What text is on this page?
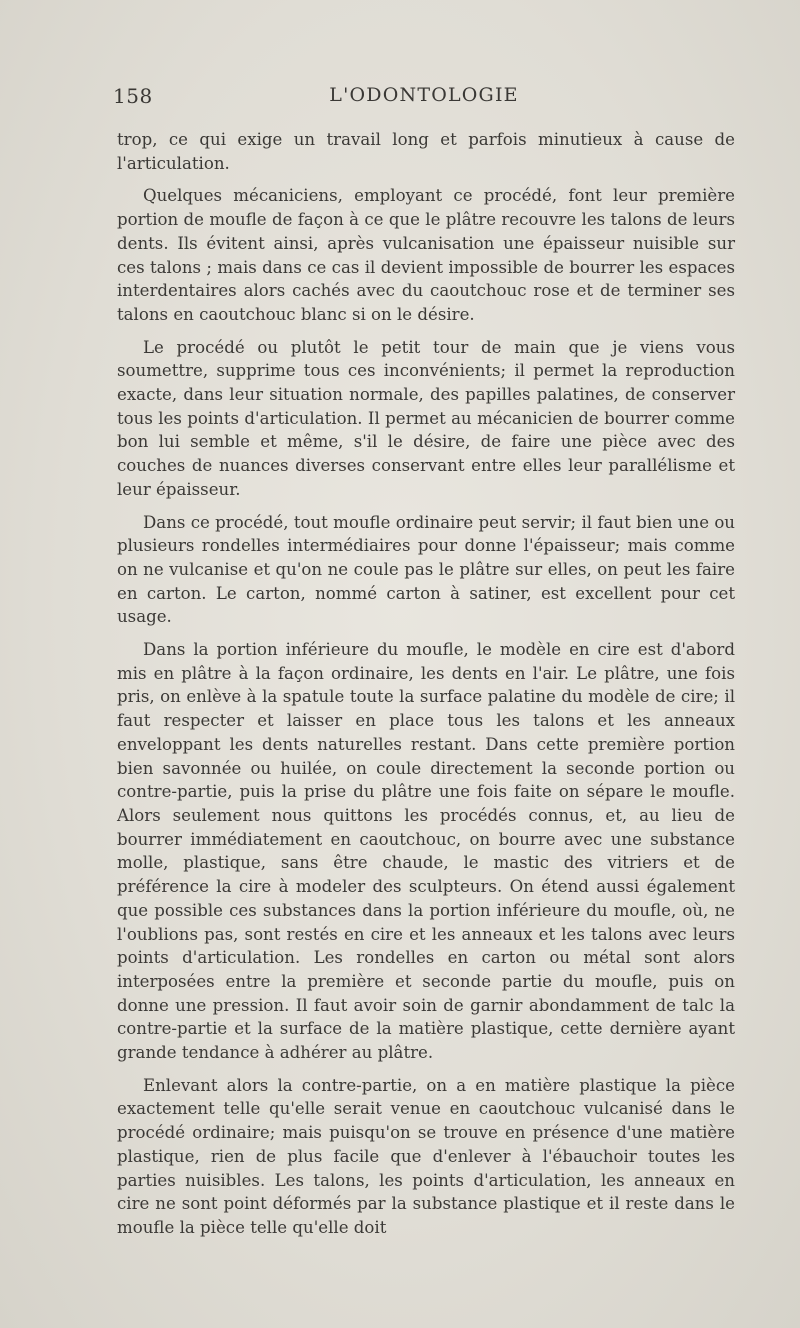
158	L'ODONTOLOGIE

trop, ce qui exige un travail long et parfois minutieux à cause de l'articulation.

Quelques mécaniciens, employant ce procédé, font leur première portion de moufle de façon à ce que le plâtre recouvre les talons de leurs dents. Ils évitent ainsi, après vulcanisation une épaisseur nuisible sur ces talons ; mais dans ce cas il devient impossible de bourrer les espaces interdentaires alors cachés avec du caoutchouc rose et de terminer ses talons en caoutchouc blanc si on le désire.

Le procédé ou plutôt le petit tour de main que je viens vous soumettre, supprime tous ces inconvénients; il permet la reproduction exacte, dans leur situation normale, des papilles palatines, de conserver tous les points d'articulation. Il permet au mécanicien de bourrer comme bon lui semble et même, s'il le désire, de faire une pièce avec des couches de nuances diverses conservant entre elles leur parallélisme et leur épaisseur.

Dans ce procédé, tout moufle ordinaire peut servir; il faut bien une ou plusieurs rondelles intermédiaires pour donne l'épaisseur; mais comme on ne vulcanise et qu'on ne coule pas le plâtre sur elles, on peut les faire en carton. Le carton, nommé carton à satiner, est excellent pour cet usage.

Dans la portion inférieure du moufle, le modèle en cire est d'abord mis en plâtre à la façon ordinaire, les dents en l'air. Le plâtre, une fois pris, on enlève à la spatule toute la surface palatine du modèle de cire; il faut respecter et laisser en place tous les talons et les anneaux enveloppant les dents naturelles restant. Dans cette première portion bien savonnée ou huilée, on coule directement la seconde portion ou contre-partie, puis la prise du plâtre une fois faite on sépare le moufle. Alors seulement nous quittons les procédés connus, et, au lieu de bourrer immédiatement en caoutchouc, on bourre avec une substance molle, plastique, sans être chaude, le mastic des vitriers et de préférence la cire à modeler des sculpteurs. On étend aussi également que possible ces substances dans la portion inférieure du moufle, où, ne l'oublions pas, sont restés en cire et les anneaux et les talons avec leurs points d'articulation. Les rondelles en carton ou métal sont alors interposées entre la première et seconde partie du moufle, puis on donne une pression. Il faut avoir soin de garnir abondamment de talc la contre-partie et la surface de la matière plastique, cette dernière ayant grande tendance à adhérer au plâtre.

Enlevant alors la contre-partie, on a en matière plastique la pièce exactement telle qu'elle serait venue en caoutchouc vulcanisé dans le procédé ordinaire; mais puisqu'on se trouve en présence d'une matière plastique, rien de plus facile que d'enlever à l'ébauchoir toutes les parties nuisibles. Les talons, les points d'articulation, les anneaux en cire ne sont point déformés par la substance plastique et il reste dans le moufle la pièce telle qu'elle doit
